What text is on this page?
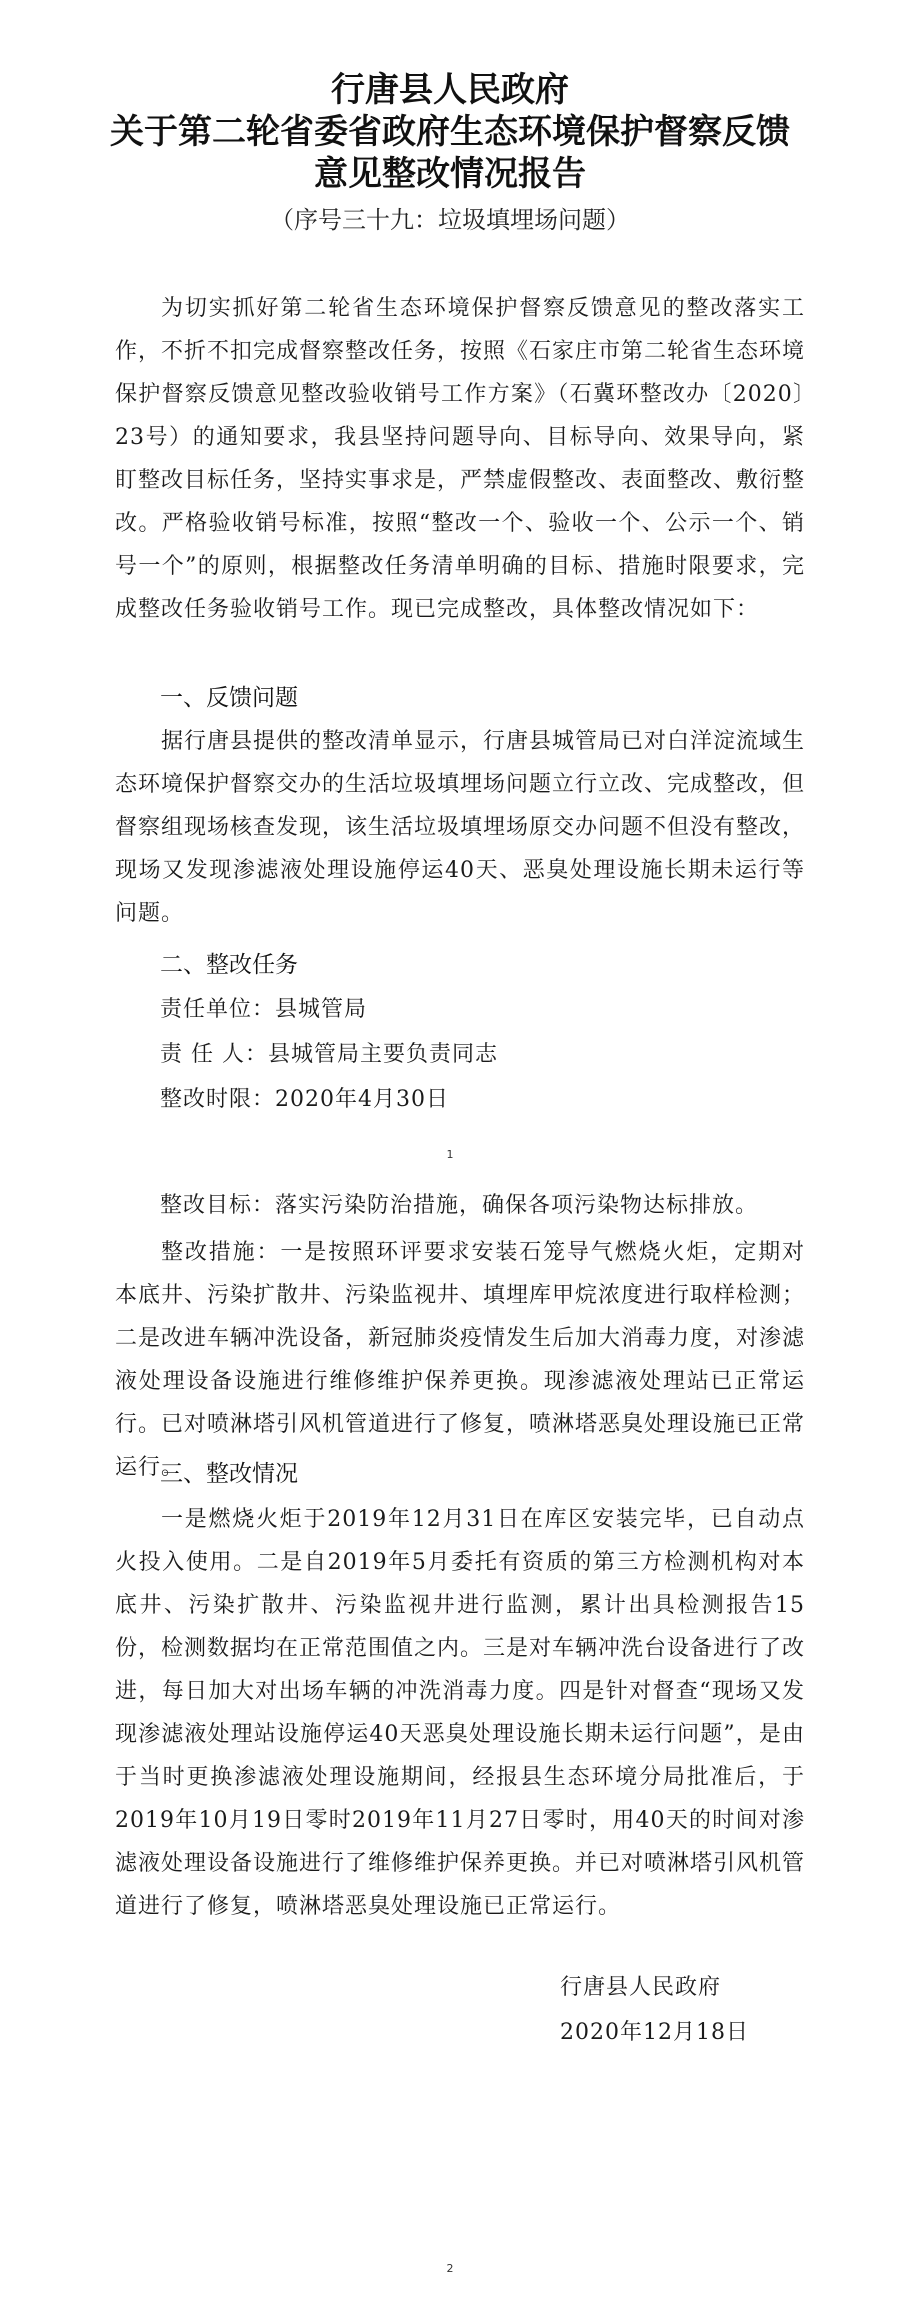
行唐县人民政府
关于第二轮省委省政府生态环境保护督察反馈
意见整改情况报告

（序号三十九：垃圾填埋场问题）

为切实抓好第二轮省生态环境保护督察反馈意见的整改落实工作，不折不扣完成督察整改任务，按照《石家庄市第二轮省生态环境保护督察反馈意见整改验收销号工作方案》（石冀环整改办〔2020〕23号）的通知要求，我县坚持问题导向、目标导向、效果导向，紧盯整改目标任务，坚持实事求是，严禁虚假整改、表面整改、敷衍整改。严格验收销号标准，按照“整改一个、验收一个、公示一个、销号一个”的原则，根据整改任务清单明确的目标、措施时限要求，完成整改任务验收销号工作。现已完成整改，具体整改情况如下：

一、反馈问题

据行唐县提供的整改清单显示，行唐县城管局已对白洋淀流域生态环境保护督察交办的生活垃圾填埋场问题立行立改、完成整改，但督察组现场核查发现，该生活垃圾填埋场原交办问题不但没有整改，现场又发现渗滤液处理设施停运40天、恶臭处理设施长期未运行等问题。

二、整改任务

责任单位：县城管局

责 任 人：县城管局主要负责同志

整改时限：2020年4月30日

1

整改目标：落实污染防治措施，确保各项污染物达标排放。

整改措施：一是按照环评要求安装石笼导气燃烧火炬，定期对本底井、污染扩散井、污染监视井、填埋库甲烷浓度进行取样检测；二是改进车辆冲洗设备，新冠肺炎疫情发生后加大消毒力度，对渗滤液处理设备设施进行维修维护保养更换。现渗滤液处理站已正常运行。已对喷淋塔引风机管道进行了修复，喷淋塔恶臭处理设施已正常运行。

三、整改情况

一是燃烧火炬于2019年12月31日在库区安装完毕，已自动点火投入使用。二是自2019年5月委托有资质的第三方检测机构对本底井、污染扩散井、污染监视井进行监测，累计出具检测报告15份，检测数据均在正常范围值之内。三是对车辆冲洗台设备进行了改进，每日加大对出场车辆的冲洗消毒力度。四是针对督查“现场又发现渗滤液处理站设施停运40天恶臭处理设施长期未运行问题”，是由于当时更换渗滤液处理设施期间，经报县生态环境分局批准后，于2019年10月19日零时2019年11月27日零时，用40天的时间对渗滤液处理设备设施进行了维修维护保养更换。并已对喷淋塔引风机管道进行了修复，喷淋塔恶臭处理设施已正常运行。

行唐县人民政府

2020年12月18日

2
